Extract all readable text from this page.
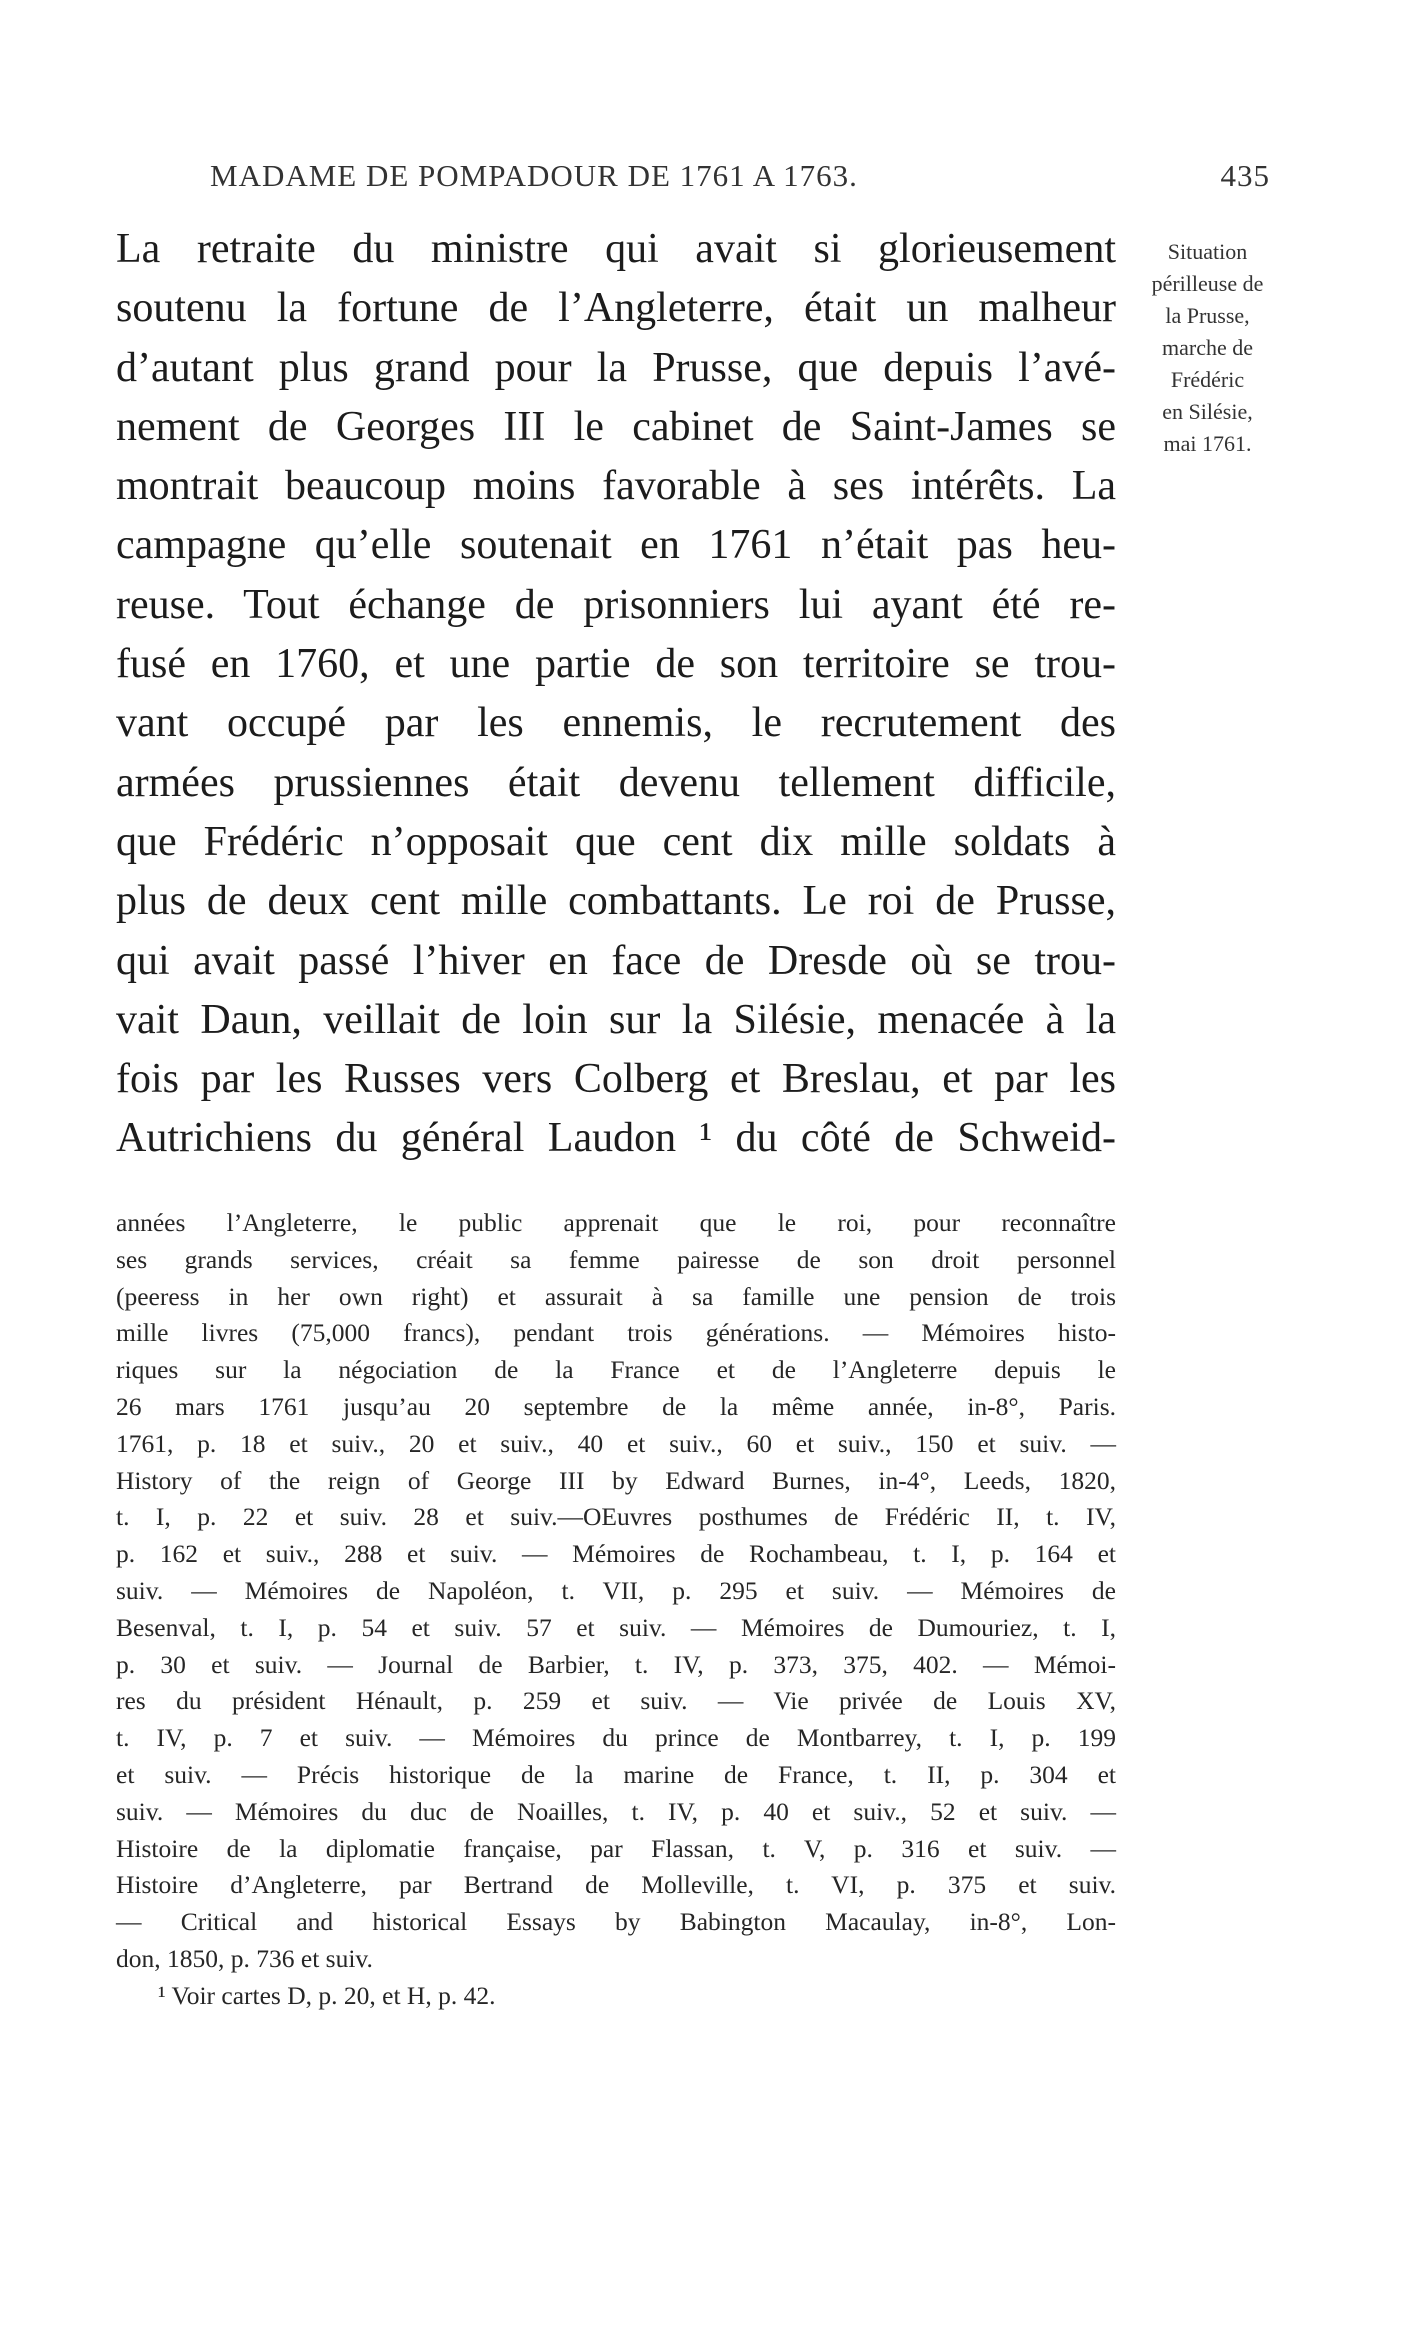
MADAME DE POMPADOUR DE 1761 A 1763.	435
La retraite du ministre qui avait si glorieusement
soutenu la fortune de l’Angleterre, était un malheur
d’autant plus grand pour la Prusse, que depuis l’avé-
nement de Georges III le cabinet de Saint-James se
montrait beaucoup moins favorable à ses intérêts. La
campagne qu’elle soutenait en 1761 n’était pas heu-
reuse. Tout échange de prisonniers lui ayant été re-
fusé en 1760, et une partie de son territoire se trou-
vant occupé par les ennemis, le recrutement des
armées prussiennes était devenu tellement difficile,
que Frédéric n’opposait que cent dix mille soldats à
plus de deux cent mille combattants. Le roi de Prusse,
qui avait passé l’hiver en face de Dresde où se trou-
vait Daun, veillait de loin sur la Silésie, menacée à la
fois par les Russes vers Colberg et Breslau, et par les
Autrichiens du général Laudon ¹ du côté de Schweid-
Situation
périlleuse de
la Prusse,
marche de
Frédéric
en Silésie,
mai 1761.
années l’Angleterre, le public apprenait que le roi, pour reconnaître
ses grands services, créait sa femme pairesse de son droit personnel
(peeress in her own right) et assurait à sa famille une pension de trois
mille livres (75,000 francs), pendant trois générations. — Mémoires histo-
riques sur la négociation de la France et de l’Angleterre depuis le
26 mars 1761 jusqu’au 20 septembre de la même année, in-8°, Paris.
1761, p. 18 et suiv., 20 et suiv., 40 et suiv., 60 et suiv., 150 et suiv. —
History of the reign of George III by Edward Burnes, in-4°, Leeds, 1820,
t. I, p. 22 et suiv. 28 et suiv.—OEuvres posthumes de Frédéric II, t. IV,
p. 162 et suiv., 288 et suiv. — Mémoires de Rochambeau, t. I, p. 164 et
suiv. — Mémoires de Napoléon, t. VII, p. 295 et suiv. — Mémoires de
Besenval, t. I, p. 54 et suiv. 57 et suiv. — Mémoires de Dumouriez, t. I,
p. 30 et suiv. — Journal de Barbier, t. IV, p. 373, 375, 402. — Mémoi-
res du président Hénault, p. 259 et suiv. — Vie privée de Louis XV,
t. IV, p. 7 et suiv. — Mémoires du prince de Montbarrey, t. I, p. 199
et suiv. — Précis historique de la marine de France, t. II, p. 304 et
suiv. — Mémoires du duc de Noailles, t. IV, p. 40 et suiv., 52 et suiv. —
Histoire de la diplomatie française, par Flassan, t. V, p. 316 et suiv. —
Histoire d’Angleterre, par Bertrand de Molleville, t. VI, p. 375 et suiv.
— Critical and historical Essays by Babington Macaulay, in-8°, Lon-
don, 1850, p. 736 et suiv.
¹ Voir cartes D, p. 20, et H, p. 42.
